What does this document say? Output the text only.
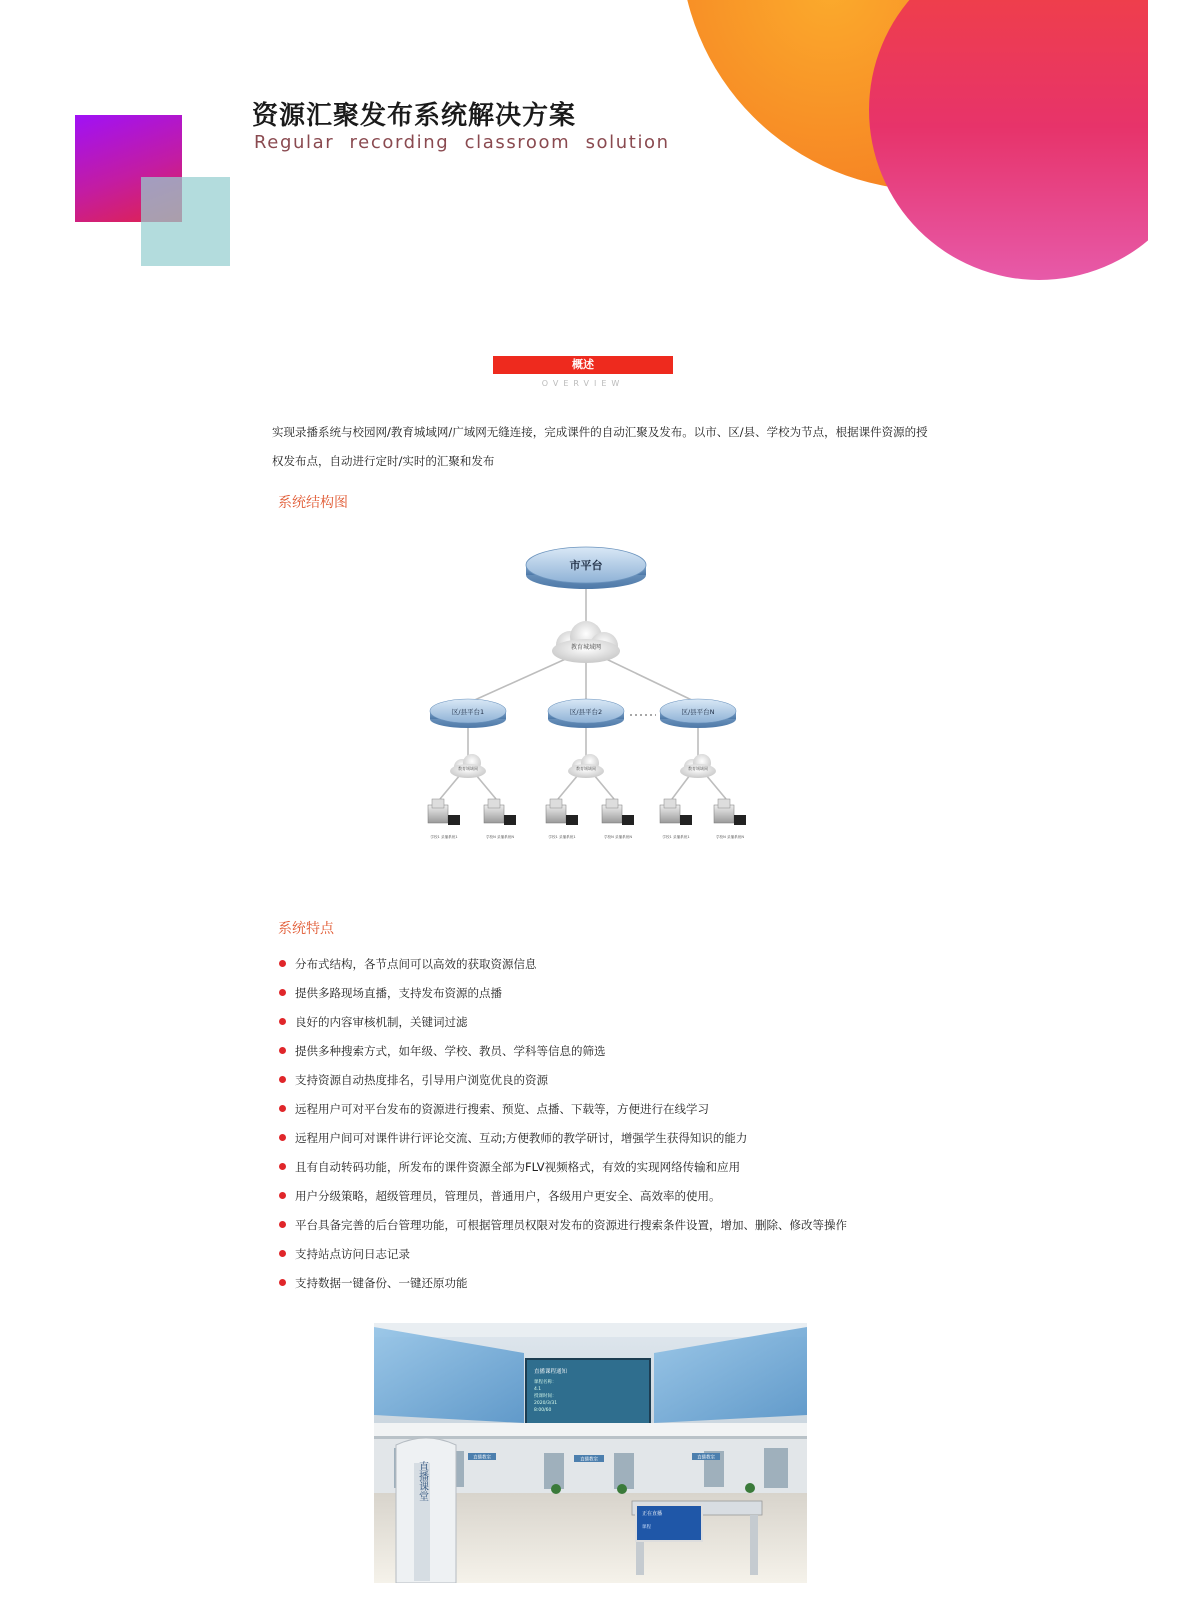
资源汇聚发布系统解决方案
Regular recording classroom solution
概述
OVERVIEW
实现录播系统与校园网/教育城域网/广域网无缝连接，完成课件的自动汇聚及发布。以市、区/县、学校为节点，根据课件资源的授权发布点，自动进行定时/实时的汇聚和发布
系统结构图
市平台
教育城域网
区/县平台1	区/县平台2	区/县平台N
教育城域网	教育城域网	教育城域网
学校1 录播系统1	学校N 录播系统N	学校1 录播系统1	学校N 录播系统N	学校1 录播系统1	学校N 录播系统N
系统特点
分布式结构，各节点间可以高效的获取资源信息
提供多路现场直播，支持发布资源的点播
良好的内容审核机制，关键词过滤
提供多种搜索方式，如年级、学校、教员、学科等信息的筛选
支持资源自动热度排名，引导用户浏览优良的资源
远程用户可对平台发布的资源进行搜索、预览、点播、下载等，方便进行在线学习
远程用户间可对课件讲行评论交流、互动;方便教师的教学研讨，增强学生获得知识的能力
且有自动转码功能，所发布的课件资源全部为FLV视频格式，有效的实现网络传输和应用
用户分级策略，超级管理员，管理员，普通用户，各级用户更安全、高效率的使用。
平台具备完善的后台管理功能，可根据管理员权限对发布的资源进行搜索条件设置，增加、删除、修改等操作
支持站点访问日志记录
支持数据一键备份、一键还原功能
直播课程通知
课程名称：
4.1
授课时间：
2020/3/31
8:00/60
直播教室	直播教室	直播教室
直播课堂
正在直播
课程
